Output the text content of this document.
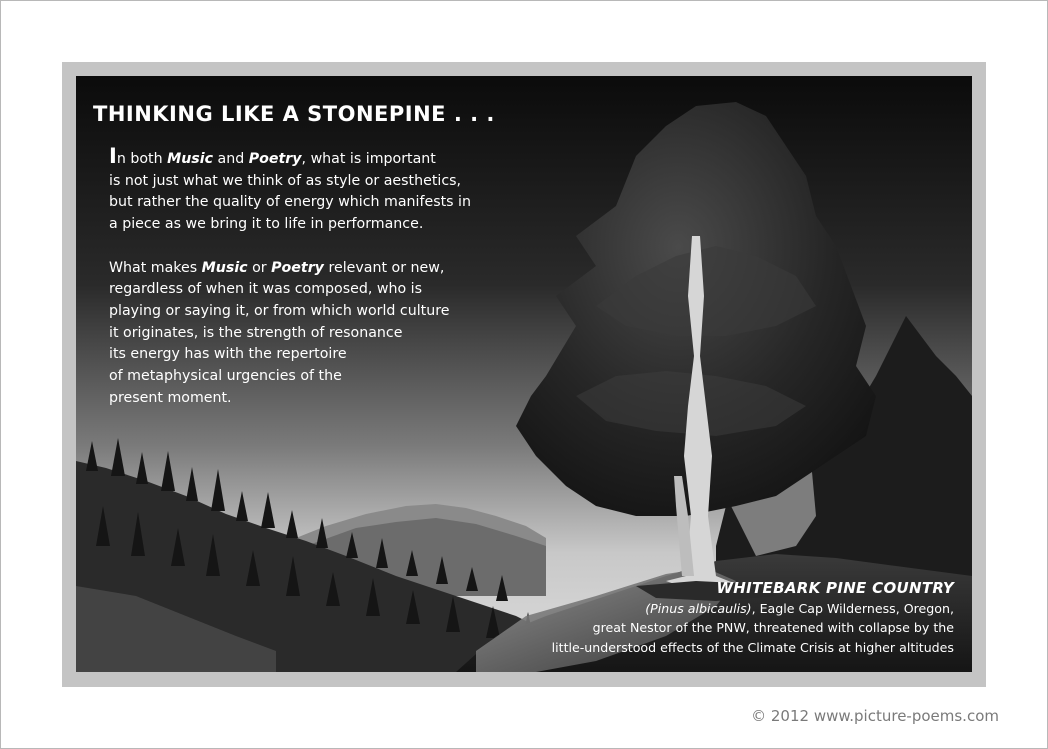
THINKING LIKE A STONEPINE . . .
In both Music and Poetry, what is important
is not just what we think of as style or aesthetics,
but rather the quality of energy which manifests in
a piece as we bring it to life in performance.
What makes Music or Poetry relevant or new,
regardless of when it was composed, who is
playing or saying it, or from which world culture
it originates, is the strength of resonance
its energy has with the repertoire
of metaphysical urgencies of the
present moment.
WHITEBARK PINE COUNTRY
(Pinus albicaulis), Eagle Cap Wilderness, Oregon,
great Nestor of the PNW, threatened with collapse by the
little-understood effects of the Climate Crisis at higher altitudes
© 2012 www.picture-poems.com
